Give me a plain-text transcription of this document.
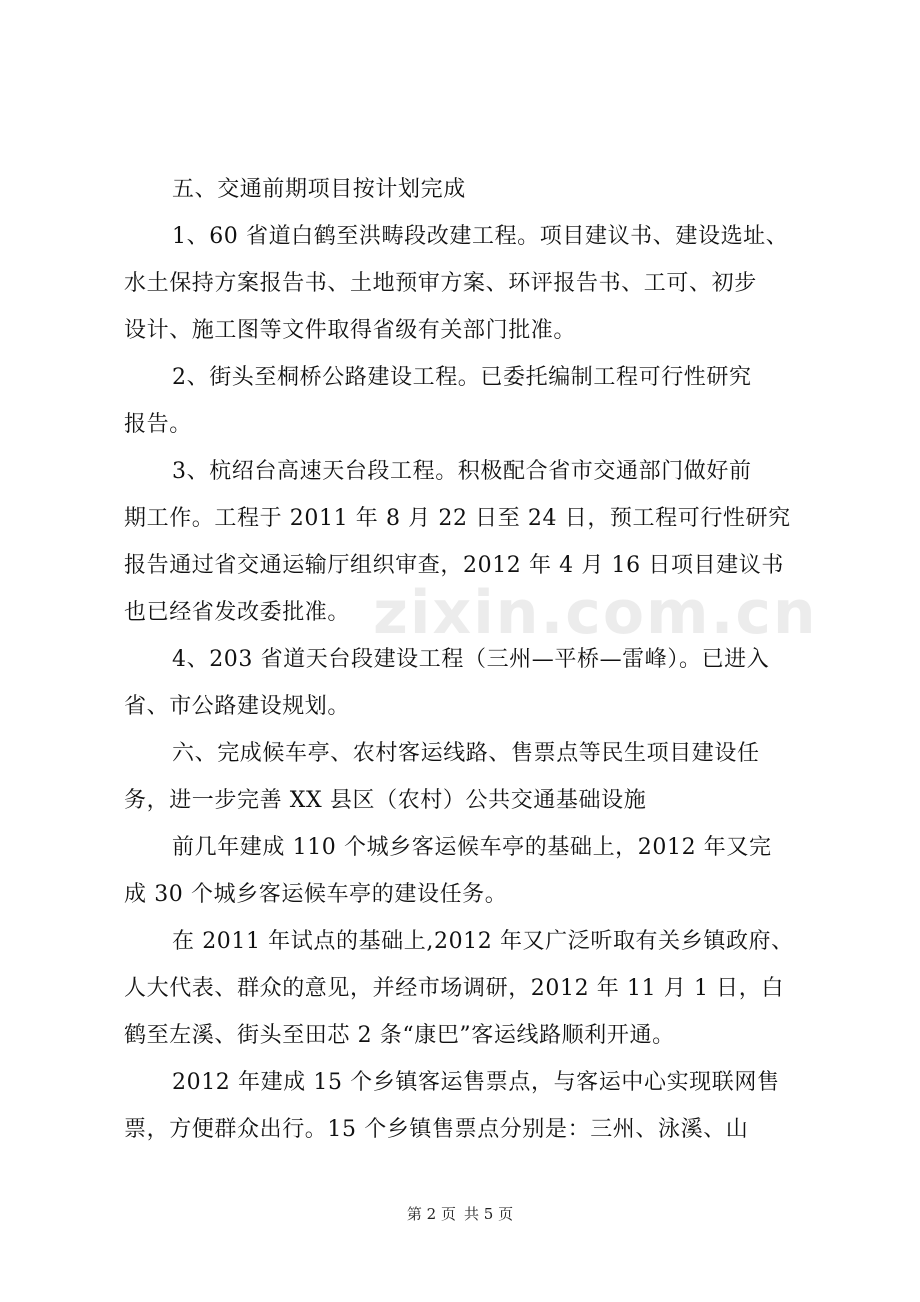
五、交通前期项目按计划完成
1、60 省道白鹤至洪畴段改建工程。项目建议书、建设选址、
水土保持方案报告书、土地预审方案、环评报告书、工可、初步
设计、施工图等文件取得省级有关部门批准。
2、街头至桐桥公路建设工程。已委托编制工程可行性研究
报告。
3、杭绍台高速天台段工程。积极配合省市交通部门做好前
期工作。工程于 2011 年 8 月 22 日至 24 日，预工程可行性研究
报告通过省交通运输厅组织审查，2012 年 4 月 16 日项目建议书
也已经省发改委批准。
4、203 省道天台段建设工程（三州—平桥—雷峰）。已进入
省、市公路建设规划。
六、完成候车亭、农村客运线路、售票点等民生项目建设任
务，进一步完善 XX 县区（农村）公共交通基础设施
前几年建成 110 个城乡客运候车亭的基础上，2012 年又完
成 30 个城乡客运候车亭的建设任务。
在 2011 年试点的基础上,2012 年又广泛听取有关乡镇政府、
人大代表、群众的意见，并经市场调研，2012 年 11 月 1 日，白
鹤至左溪、街头至田芯 2 条“康巴”客运线路顺利开通。
2012 年建成 15 个乡镇客运售票点，与客运中心实现联网售
票，方便群众出行。15 个乡镇售票点分别是：三州、泳溪、山
zixin.com.cn
第 2 页 共 5 页
